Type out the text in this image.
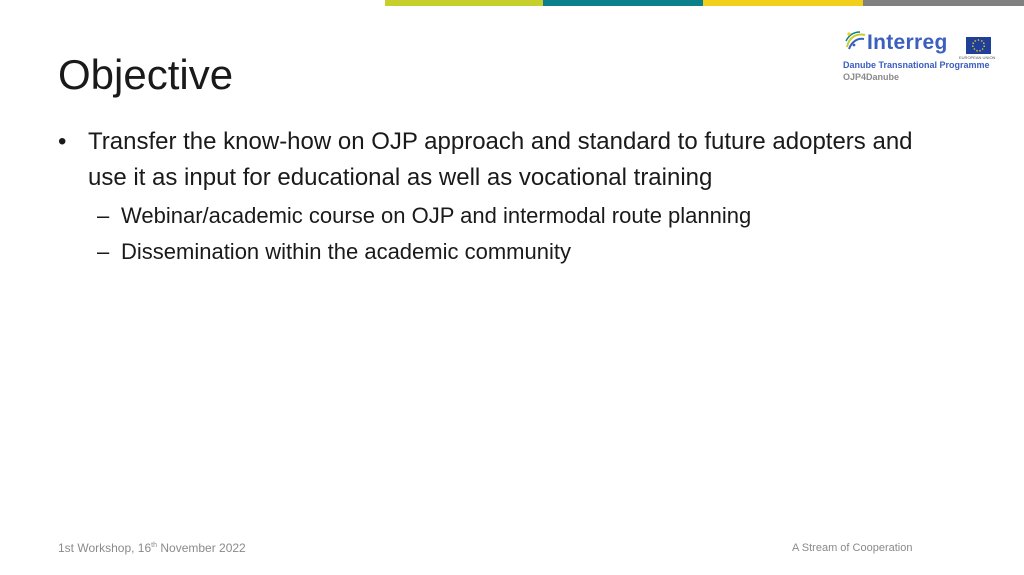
Objective
Interreg
EUROPEAN UNION
Danube Transnational Programme
OJP4Danube
• Transfer the know-how on OJP approach and standard to future adopters and use it as input for educational as well as vocational training
– Webinar/academic course on OJP and intermodal route planning
– Dissemination within the academic community
1st Workshop, 16th November 2022	A Stream of Cooperation
